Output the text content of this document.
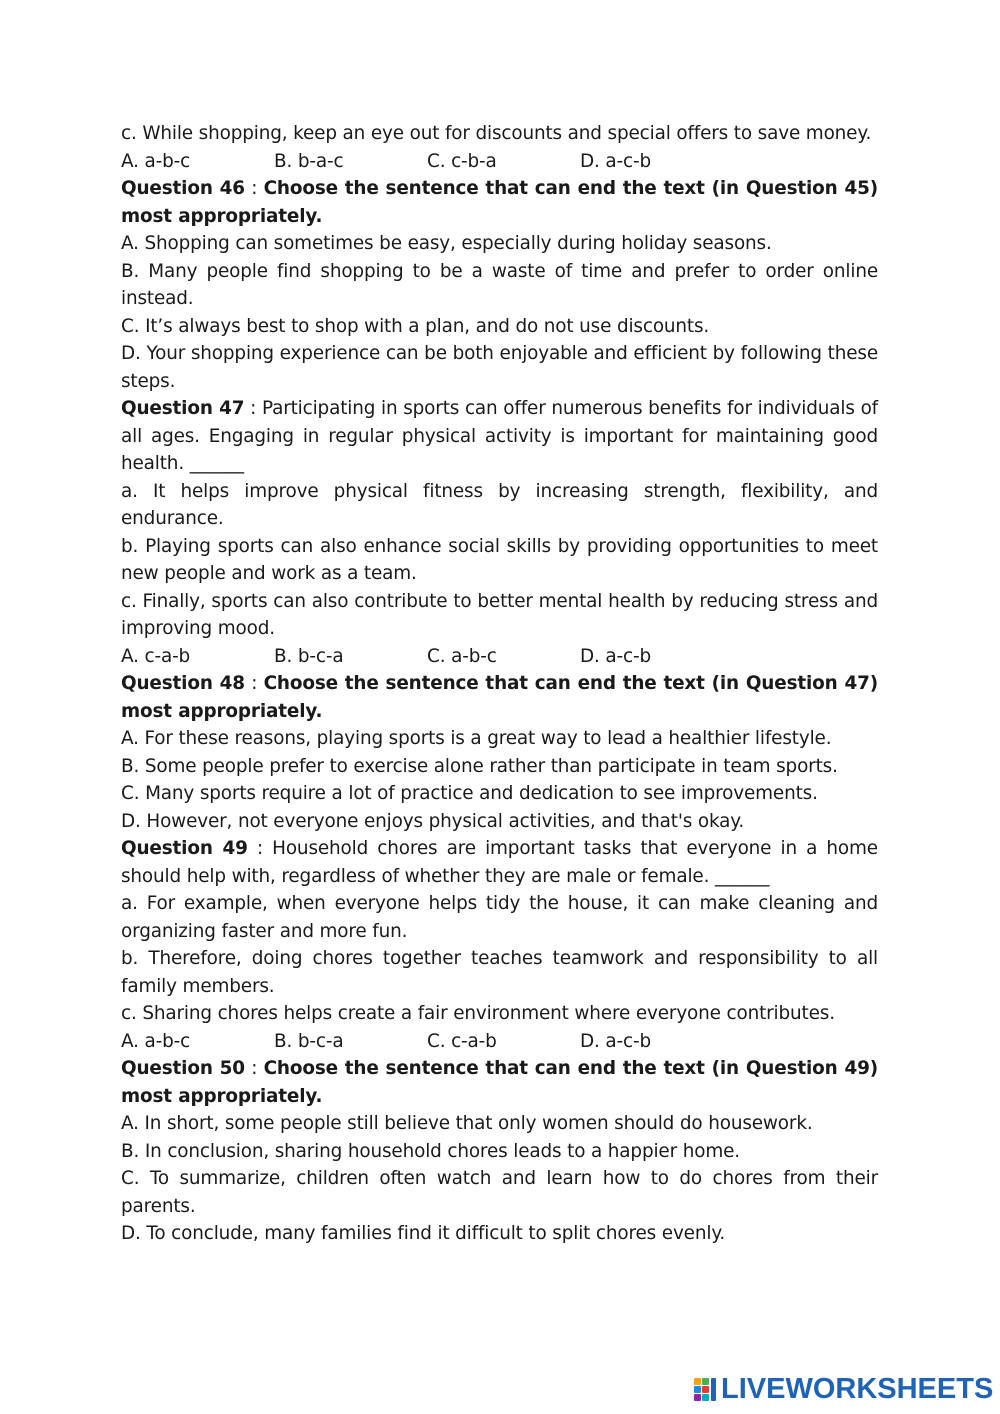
c. While shopping, keep an eye out for discounts and special offers to save money.

A. a-b-c	B. b-a-c	C. c-b-a	D. a-c-b

Question 46 : Choose the sentence that can end the text (in Question 45) most appropriately.

A. Shopping can sometimes be easy, especially during holiday seasons.

B. Many people find shopping to be a waste of time and prefer to order online instead.

C. It’s always best to shop with a plan, and do not use discounts.

D. Your shopping experience can be both enjoyable and efficient by following these steps.

Question 47 : Participating in sports can offer numerous benefits for individuals of all ages. Engaging in regular physical activity is important for maintaining good health. ______

a. It helps improve physical fitness by increasing strength, flexibility, and endurance.

b. Playing sports can also enhance social skills by providing opportunities to meet new people and work as a team.

c. Finally, sports can also contribute to better mental health by reducing stress and improving mood.

A. c-a-b	B. b-c-a	C. a-b-c	D. a-c-b

Question 48 : Choose the sentence that can end the text (in Question 47) most appropriately.

A. For these reasons, playing sports is a great way to lead a healthier lifestyle.

B. Some people prefer to exercise alone rather than participate in team sports.

C. Many sports require a lot of practice and dedication to see improvements.

D. However, not everyone enjoys physical activities, and that's okay.

Question 49 : Household chores are important tasks that everyone in a home should help with, regardless of whether they are male or female. ______

a. For example, when everyone helps tidy the house, it can make cleaning and organizing faster and more fun.

b. Therefore, doing chores together teaches teamwork and responsibility to all family members.

c. Sharing chores helps create a fair environment where everyone contributes.

A. a-b-c	B. b-c-a	C. c-a-b	D. a-c-b

Question 50 : Choose the sentence that can end the text (in Question 49) most appropriately.

A. In short, some people still believe that only women should do housework.

B. In conclusion, sharing household chores leads to a happier home.

C. To summarize, children often watch and learn how to do chores from their parents.

D. To conclude, many families find it difficult to split chores evenly.

LIVEWORKSHEETS
